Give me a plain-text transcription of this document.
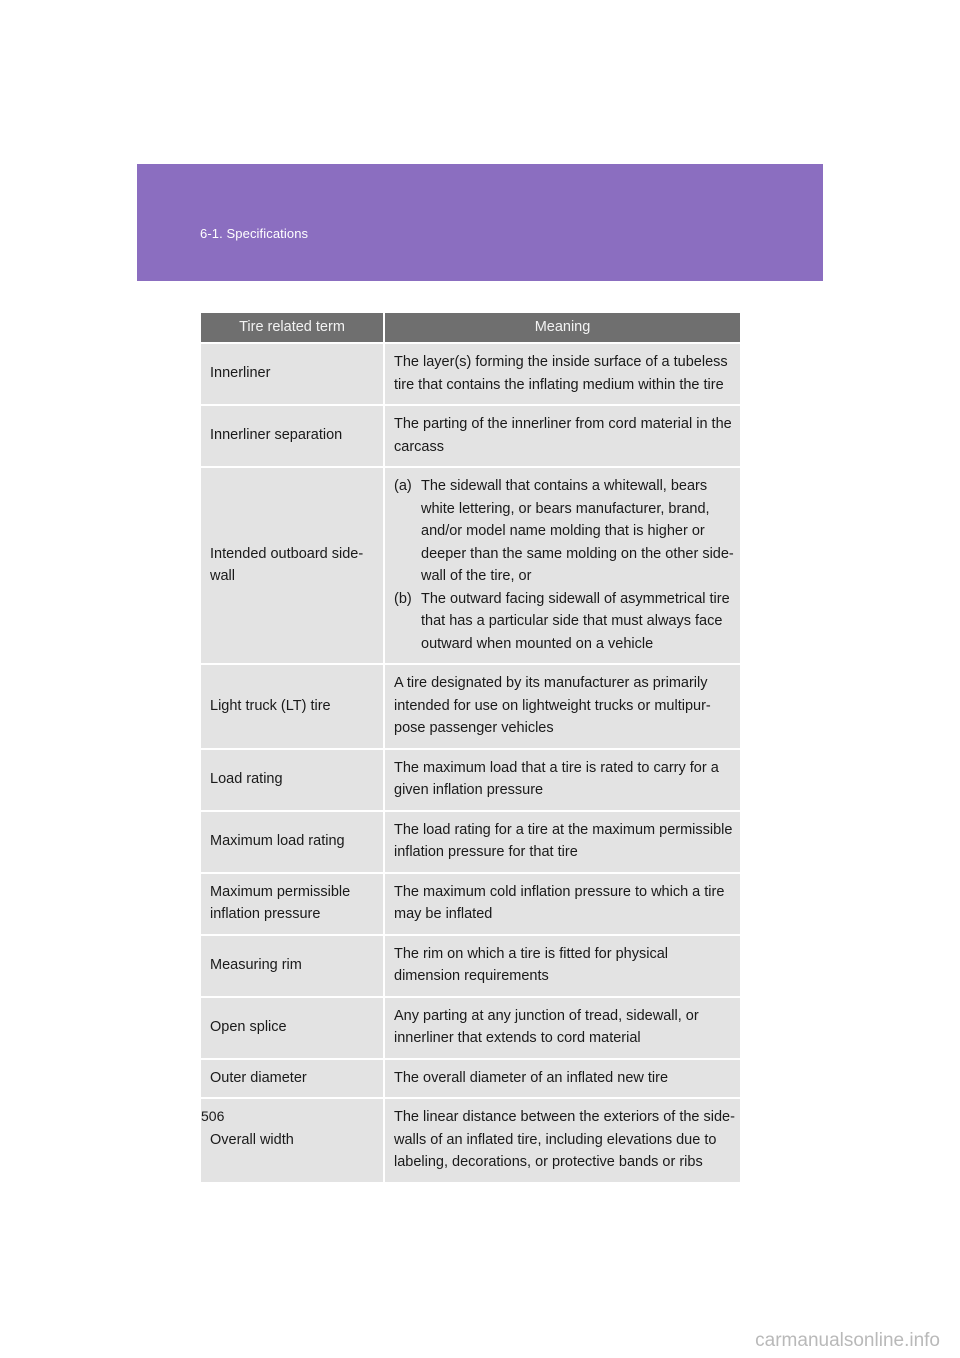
6-1. Specifications
Tire related term	Meaning
Innerliner	The layer(s) forming the inside surface of a tubeless tire that contains the inflating medium within the tire
Innerliner separation	The parting of the innerliner from cord material in the carcass
Intended outboard side-wall	(a) The sidewall that contains a whitewall, bears white lettering, or bears manufacturer, brand, and/or model name molding that is higher or deeper than the same molding on the other side-wall of the tire, or
(b) The outward facing sidewall of asymmetrical tire that has a particular side that must always face outward when mounted on a vehicle

Light truck (LT) tire	A tire designated by its manufacturer as primarily intended for use on lightweight trucks or multipur-pose passenger vehicles
Load rating	The maximum load that a tire is rated to carry for a given inflation pressure
Maximum load rating	The load rating for a tire at the maximum permissible inflation pressure for that tire
Maximum permissible inflation pressure	The maximum cold inflation pressure to which a tire may be inflated
Measuring rim	The rim on which a tire is fitted for physical dimension requirements
Open splice	Any parting at any junction of tread, sidewall, or innerliner that extends to cord material
Outer diameter	The overall diameter of an inflated new tire
Overall width	The linear distance between the exteriors of the side-walls of an inflated tire, including elevations due to labeling, decorations, or protective bands or ribs
506
carmanualsonline.info
